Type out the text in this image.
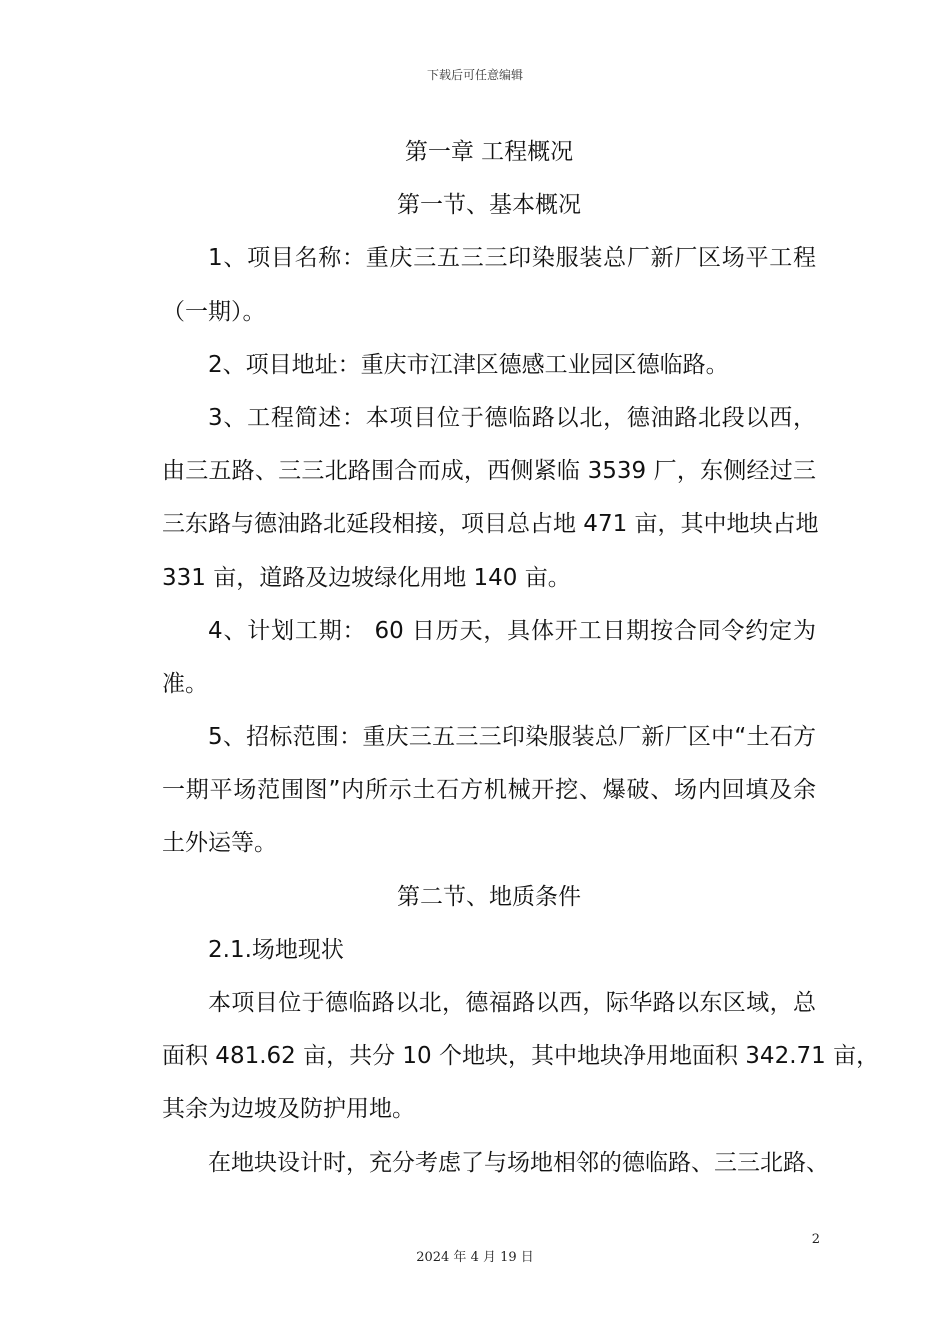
下载后可任意编辑
第一章 工程概况
第一节、基本概况
1、项目名称：重庆三五三三印染服装总厂新厂区场平工程
（一期）。
2、项目地址：重庆市江津区德感工业园区德临路。
3、工程简述：本项目位于德临路以北，德油路北段以西，
由三五路、三三北路围合而成，西侧紧临 3539 厂，东侧经过三
三东路与德油路北延段相接，项目总占地 471 亩，其中地块占地
331 亩，道路及边坡绿化用地 140 亩。
4、计划工期： 60 日历天，具体开工日期按合同令约定为
准。
5、招标范围：重庆三五三三印染服装总厂新厂区中“土石方
一期平场范围图”内所示土石方机械开挖、爆破、场内回填及余
土外运等。
第二节、地质条件
2.1.场地现状
本项目位于德临路以北，德福路以西，际华路以东区域，总
面积 481.62 亩，共分 10 个地块，其中地块净用地面积 342.71 亩，
其余为边坡及防护用地。
在地块设计时，充分考虑了与场地相邻的德临路、三三北路、
2
2024 年 4 月 19 日
